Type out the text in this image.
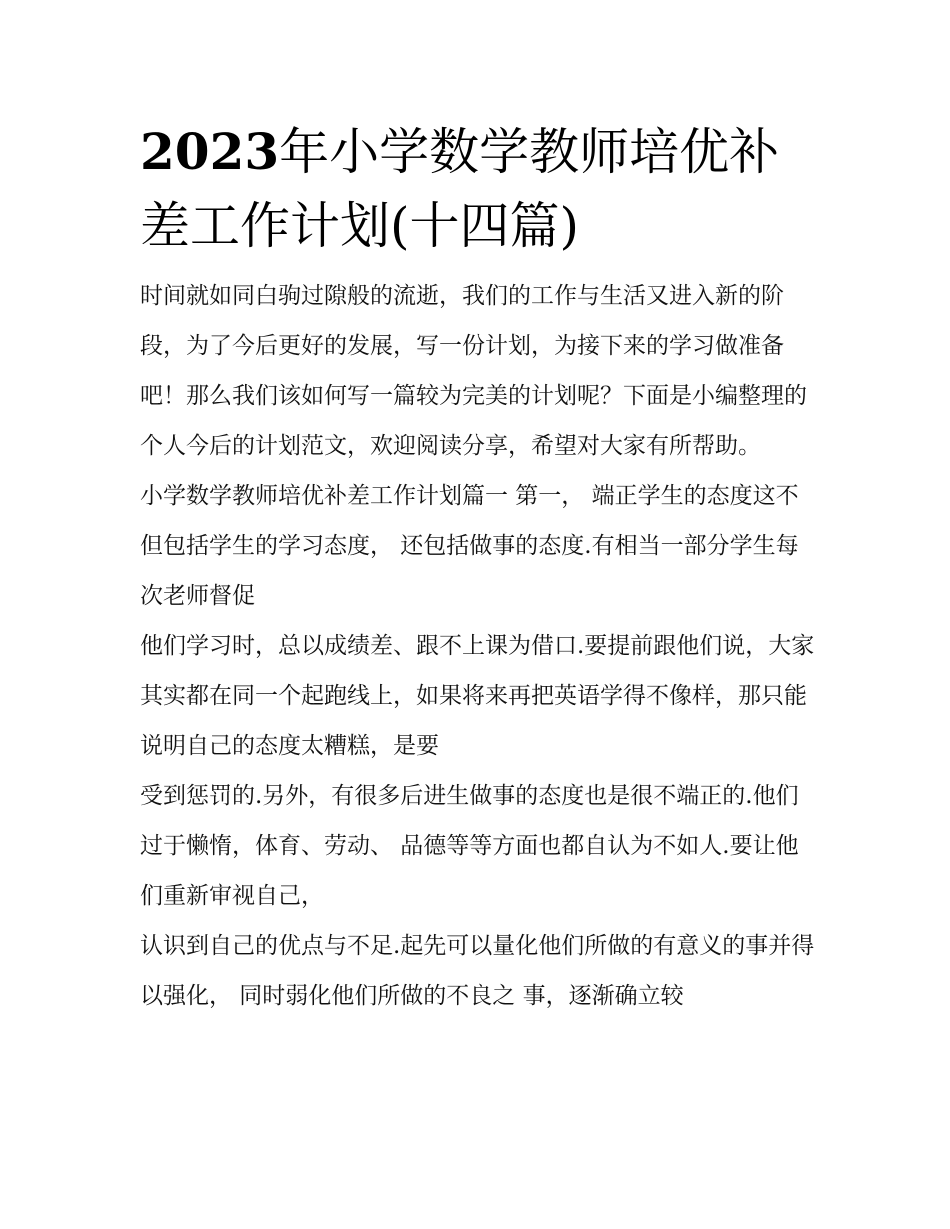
2023年小学数学教师培优补差工作计划(十四篇)

时间就如同白驹过隙般的流逝，我们的工作与生活又进入新的阶段，为了今后更好的发展，写一份计划，为接下来的学习做准备吧！那么我们该如何写一篇较为完美的计划呢？下面是小编整理的个人今后的计划范文，欢迎阅读分享，希望对大家有所帮助。

小学数学教师培优补差工作计划篇一 第一， 端正学生的态度这不但包括学生的学习态度， 还包括做事的态度.有相当一部分学生每次老师督促

他们学习时，总以成绩差、跟不上课为借口.要提前跟他们说，大家其实都在同一个起跑线上，如果将来再把英语学得不像样，那只能说明自己的态度太糟糕，是要

受到惩罚的.另外，有很多后进生做事的态度也是很不端正的.他们过于懒惰，体育、劳动、 品德等等方面也都自认为不如人.要让他们重新审视自己，

认识到自己的优点与不足.起先可以量化他们所做的有意义的事并得以强化， 同时弱化他们所做的不良之 事，逐渐确立较
